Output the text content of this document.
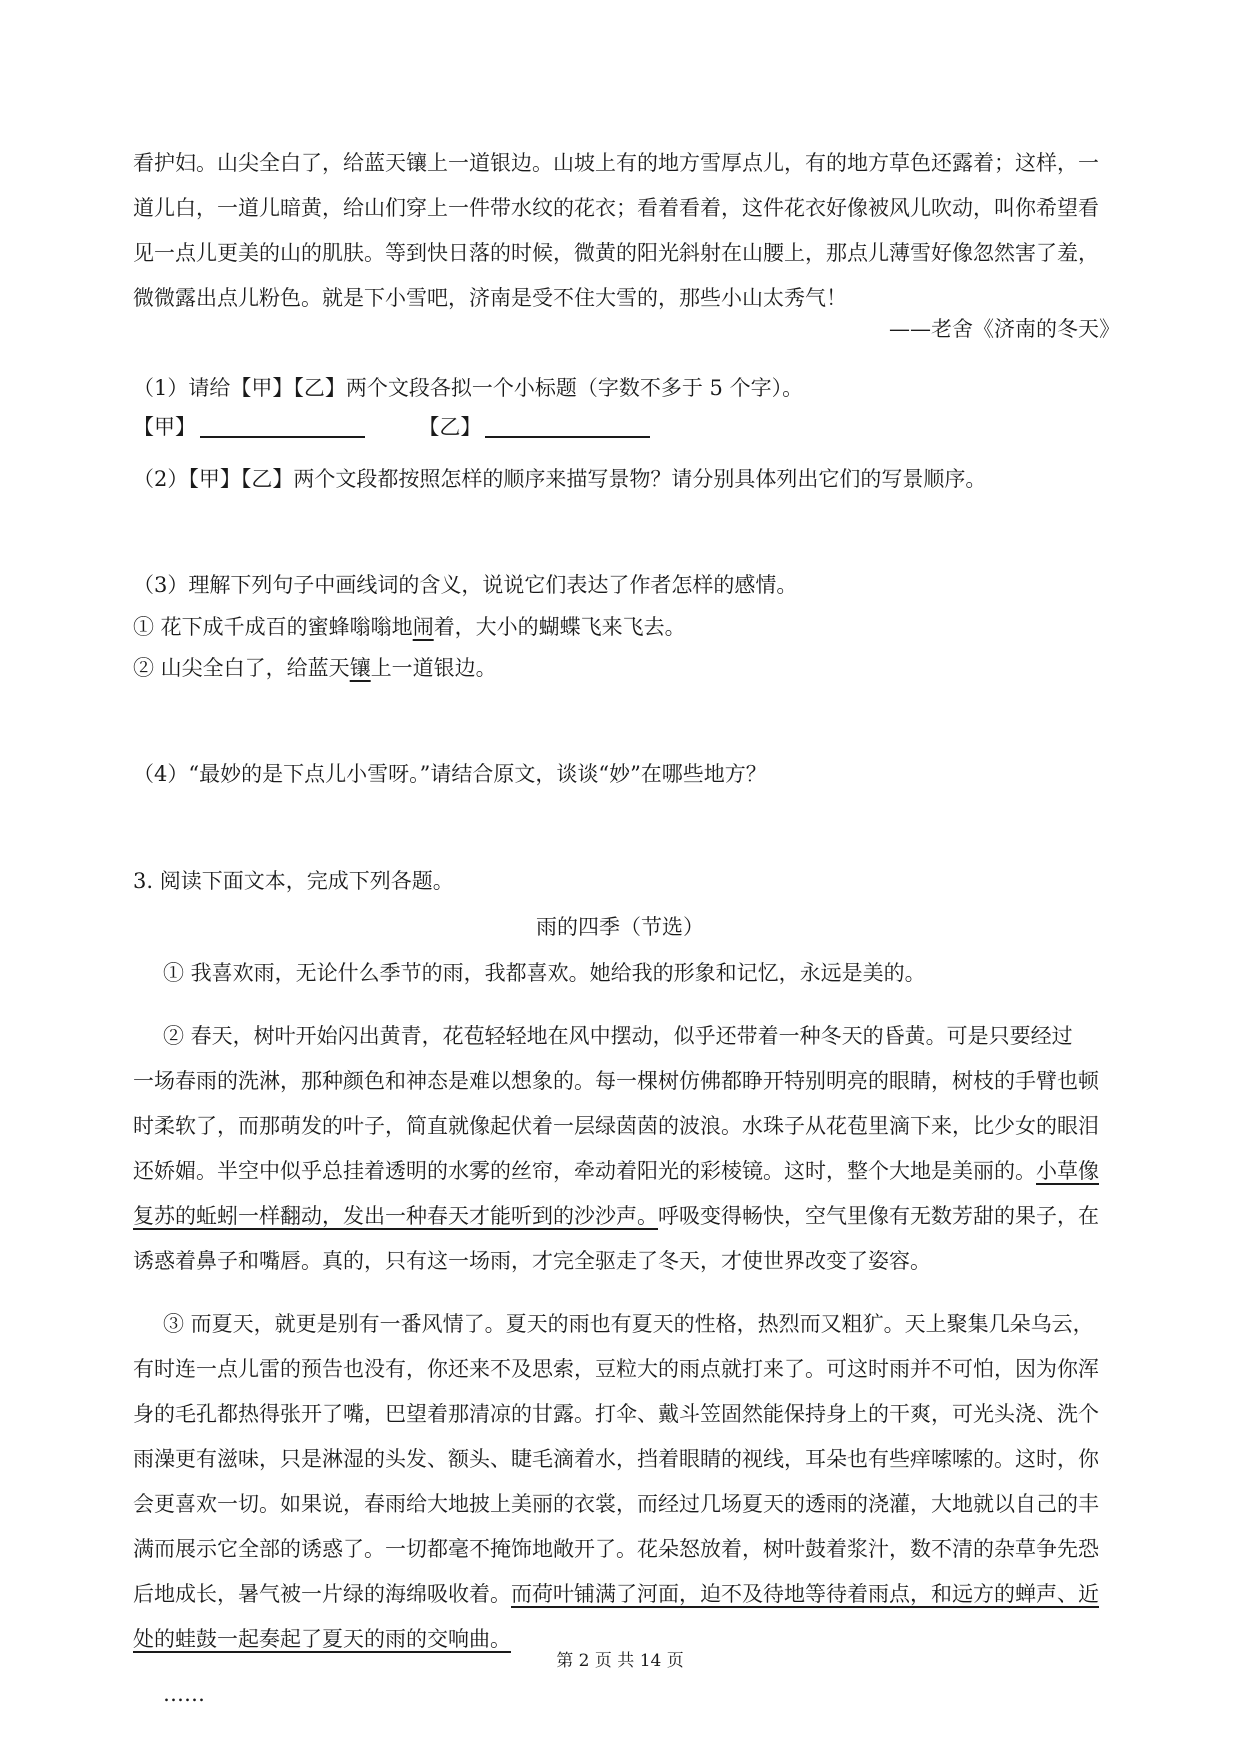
看护妇。山尖全白了，给蓝天镶上一道银边。山坡上有的地方雪厚点儿，有的地方草色还露着；这样，一
道儿白，一道儿暗黄，给山们穿上一件带水纹的花衣；看着看着，这件花衣好像被风儿吹动，叫你希望看
见一点儿更美的山的肌肤。等到快日落的时候，微黄的阳光斜射在山腰上，那点儿薄雪好像忽然害了羞，
微微露出点儿粉色。就是下小雪吧，济南是受不住大雪的，那些小山太秀气！
——老舍《济南的冬天》
（1）请给【甲】【乙】两个文段各拟一个小标题（字数不多于 5 个字）。
【甲】	【乙】
（2）【甲】【乙】两个文段都按照怎样的顺序来描写景物？请分别具体列出它们的写景顺序。
（3）理解下列句子中画线词的含义，说说它们表达了作者怎样的感情。
① 花下成千成百的蜜蜂嗡嗡地闹着，大小的蝴蝶飞来飞去。
② 山尖全白了，给蓝天镶上一道银边。
（4）“最妙的是下点儿小雪呀。”请结合原文，谈谈“妙”在哪些地方？
3. 阅读下面文本，完成下列各题。
雨的四季（节选）
① 我喜欢雨，无论什么季节的雨，我都喜欢。她给我的形象和记忆，永远是美的。
② 春天，树叶开始闪出黄青，花苞轻轻地在风中摆动，似乎还带着一种冬天的昏黄。可是只要经过
一场春雨的洗淋，那种颜色和神态是难以想象的。每一棵树仿佛都睁开特别明亮的眼睛，树枝的手臂也顿
时柔软了，而那萌发的叶子，简直就像起伏着一层绿茵茵的波浪。水珠子从花苞里滴下来，比少女的眼泪
还娇媚。半空中似乎总挂着透明的水雾的丝帘，牵动着阳光的彩棱镜。这时，整个大地是美丽的。小草像
复苏的蚯蚓一样翻动，发出一种春天才能听到的沙沙声。呼吸变得畅快，空气里像有无数芳甜的果子，在
诱惑着鼻子和嘴唇。真的，只有这一场雨，才完全驱走了冬天，才使世界改变了姿容。
③ 而夏天，就更是别有一番风情了。夏天的雨也有夏天的性格，热烈而又粗犷。天上聚集几朵乌云，
有时连一点儿雷的预告也没有，你还来不及思索，豆粒大的雨点就打来了。可这时雨并不可怕，因为你浑
身的毛孔都热得张开了嘴，巴望着那清凉的甘露。打伞、戴斗笠固然能保持身上的干爽，可光头浇、洗个
雨澡更有滋味，只是淋湿的头发、额头、睫毛滴着水，挡着眼睛的视线，耳朵也有些痒嗦嗦的。这时，你
会更喜欢一切。如果说，春雨给大地披上美丽的衣裳，而经过几场夏天的透雨的浇灌，大地就以自己的丰
满而展示它全部的诱惑了。一切都毫不掩饰地敞开了。花朵怒放着，树叶鼓着浆汁，数不清的杂草争先恐
后地成长，暑气被一片绿的海绵吸收着。而荷叶铺满了河面，迫不及待地等待着雨点，和远方的蝉声、近
处的蛙鼓一起奏起了夏天的雨的交响曲。
……
第 2 页 共 14 页
